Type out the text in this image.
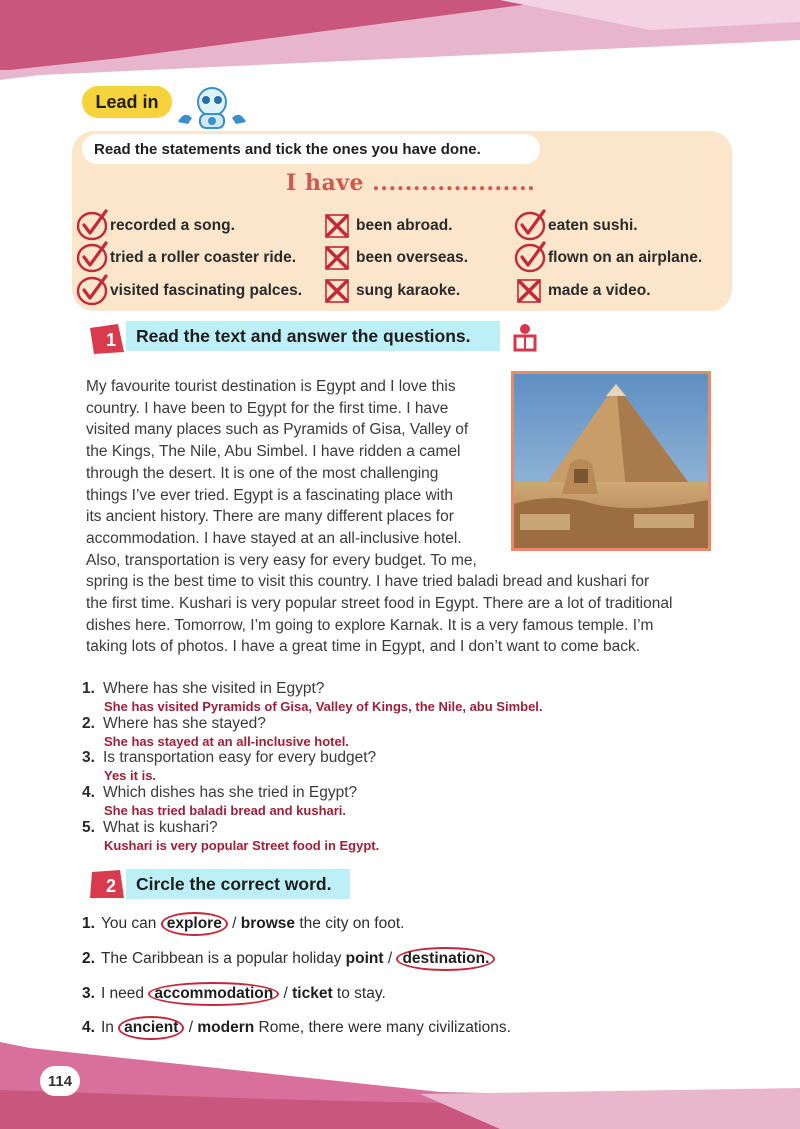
Lead in
Read the statements and tick the ones you have done.
I have ....................
recorded a song.	been abroad.	eaten sushi.
tried a roller coaster ride.	been overseas.	flown on an airplane.
visited fascinating palces.	sung karaoke.	made a video.
1	Read the text and answer the questions.
My favourite tourist destination is Egypt and I love this
country. I have been to Egypt for the first time. I have
visited many places such as Pyramids of Gisa, Valley of
the Kings, The Nile, Abu Simbel. I have ridden a camel
through the desert. It is one of the most challenging
things I’ve ever tried. Egypt is a fascinating place with
its ancient history. There are many different places for
accommodation. I have stayed at an all-inclusive hotel.
Also, transportation is very easy for every budget. To me,
spring is the best time to visit this country. I have tried baladi bread and kushari for
the first time. Kushari is very popular street food in Egypt. There are a lot of traditional
dishes here. Tomorrow, I’m going to explore Karnak. It is a very famous temple. I’m
taking lots of photos. I have a great time in Egypt, and I don’t want to come back.
1. Where has she visited in Egypt?
She has visited Pyramids of Gisa, Valley of Kings, the Nile, abu Simbel.
2. Where has she stayed?
She has stayed at an all-inclusive hotel.
3. Is transportation easy for every budget?
Yes it is.
4. Which dishes has she tried in Egypt?
She has tried baladi bread and kushari.
5. What is kushari?
Kushari is very popular Street food in Egypt.
2	Circle the correct word.
1. You can explore / browse the city on foot.
2. The Caribbean is a popular holiday point / destination.
3. I need accommodation / ticket to stay.
4. In ancient / modern Rome, there were many civilizations.
114
